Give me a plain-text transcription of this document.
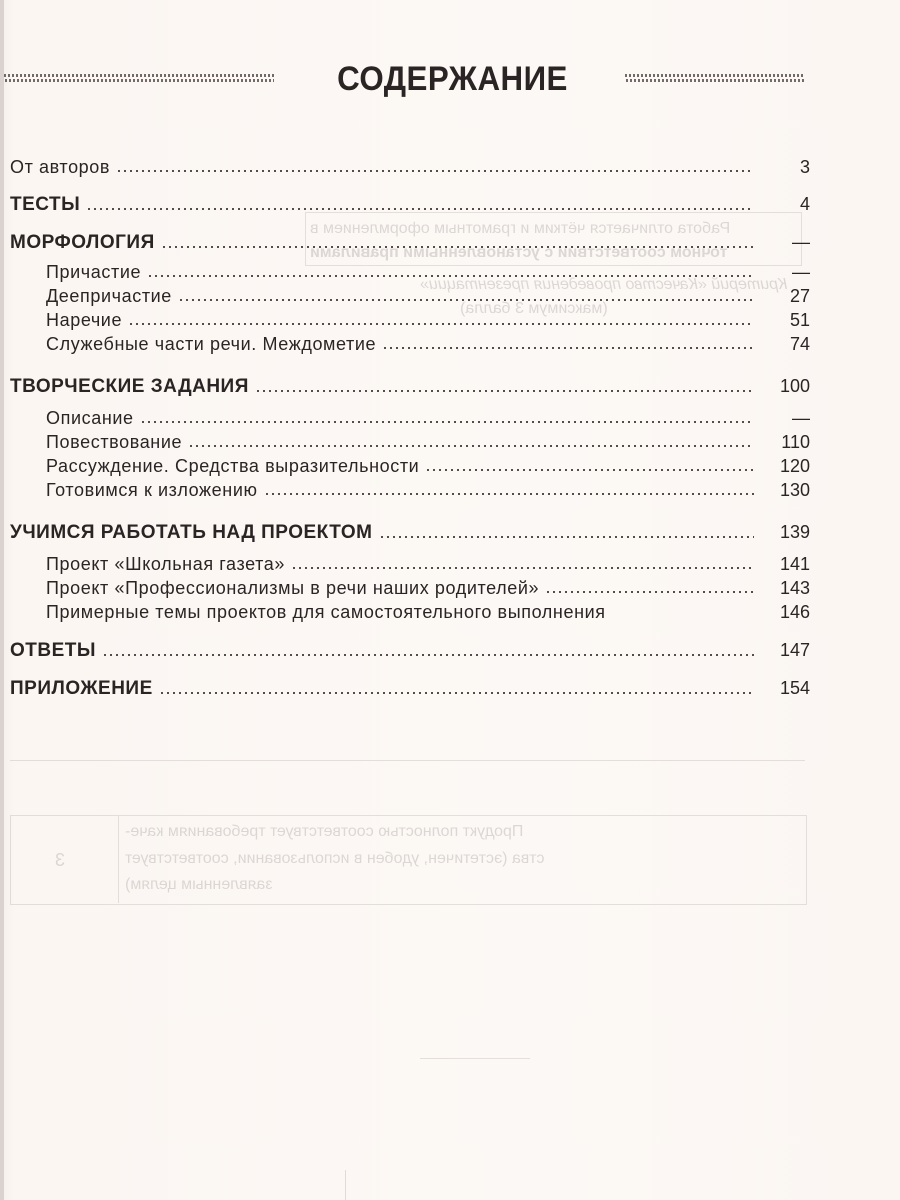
Работа отличается чётким и грамотным оформлением в
точном соответствии с установленными правилами
Критерий «Качество проведения презентации»
(максимум 3 балла)
Продукт полностью соответствует требованиям каче-
ства (эстетичен, удобен в использовании, соответствует
заявленным целям)
3
СОДЕРЖАНИЕ
От авторов	3
ТЕСТЫ	4
МОРФОЛОГИЯ	—
Причастие	—
Деепричастие	27
Наречие	51
Служебные части речи. Междометие	74
ТВОРЧЕСКИЕ ЗАДАНИЯ	100
Описание	—
Повествование	110
Рассуждение. Средства выразительности	120
Готовимся к изложению	130
УЧИМСЯ РАБОТАТЬ НАД ПРОЕКТОМ	139
Проект «Школьная газета»	141
Проект «Профессионализмы в речи наших родителей»	143
Примерные темы проектов для самостоятельного выполнения	146
ОТВЕТЫ	147
ПРИЛОЖЕНИЕ	154
